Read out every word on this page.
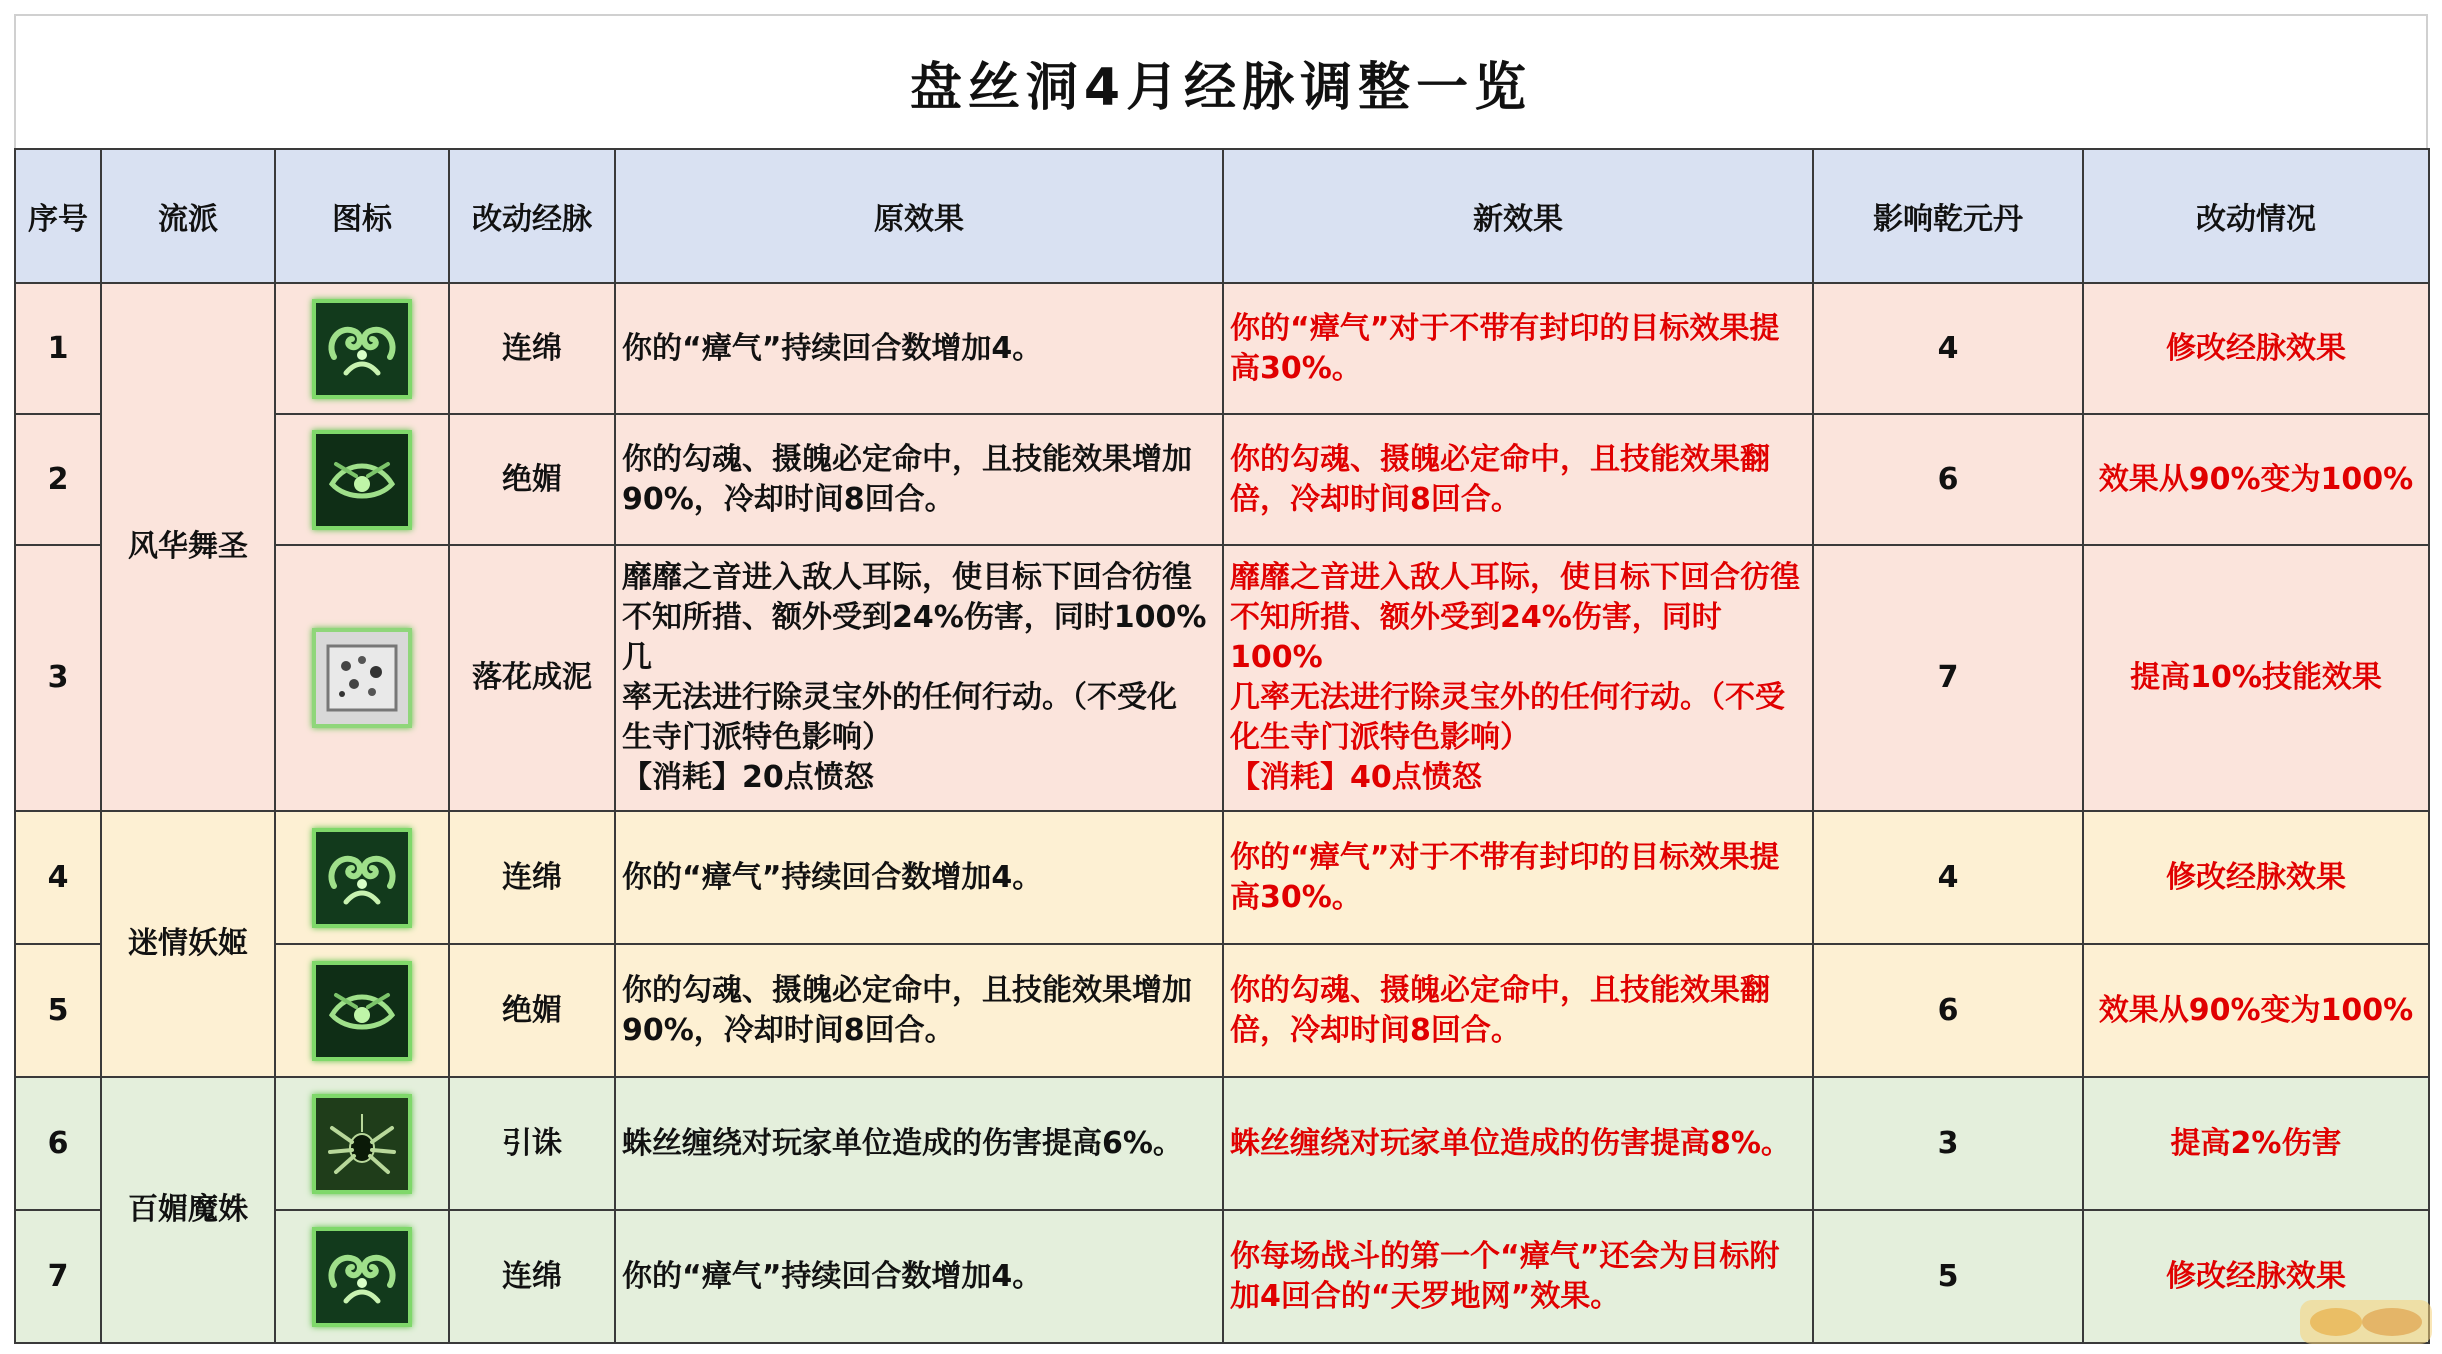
盘丝洞4月经脉调整一览
序号	流派	图标	改动经脉	原效果	新效果	影响乾元丹	改动情况
1	风华舞圣		连绵	你的“瘴气”持续回合数增加4。	你的“瘴气”对于不带有封印的目标效果提
高30%。	4	修改经脉效果
2			绝媚	你的勾魂、摄魄必定命中，且技能效果增加
90%，冷却时间8回合。	你的勾魂、摄魄必定命中，且技能效果翻
倍，冷却时间8回合。	6	效果从90%变为100%
3			落花成泥	靡靡之音进入敌人耳际，使目标下回合彷徨
不知所措、额外受到24%伤害，同时100%几
率无法进行除灵宝外的任何行动。（不受化
生寺门派特色影响）
【消耗】20点愤怒	靡靡之音进入敌人耳际，使目标下回合彷徨
不知所措、额外受到24%伤害，同时100%
几率无法进行除灵宝外的任何行动。（不受
化生寺门派特色影响）
【消耗】40点愤怒	7	提高10%技能效果
4	迷情妖姬		连绵	你的“瘴气”持续回合数增加4。	你的“瘴气”对于不带有封印的目标效果提
高30%。	4	修改经脉效果
5			绝媚	你的勾魂、摄魄必定命中，且技能效果增加
90%，冷却时间8回合。	你的勾魂、摄魄必定命中，且技能效果翻
倍，冷却时间8回合。	6	效果从90%变为100%
6	百媚魔姝		引诛	蛛丝缠绕对玩家单位造成的伤害提高6%。	蛛丝缠绕对玩家单位造成的伤害提高8%。	3	提高2%伤害
7			连绵	你的“瘴气”持续回合数增加4。	你每场战斗的第一个“瘴气”还会为目标附
加4回合的“天罗地网”效果。	5	修改经脉效果
